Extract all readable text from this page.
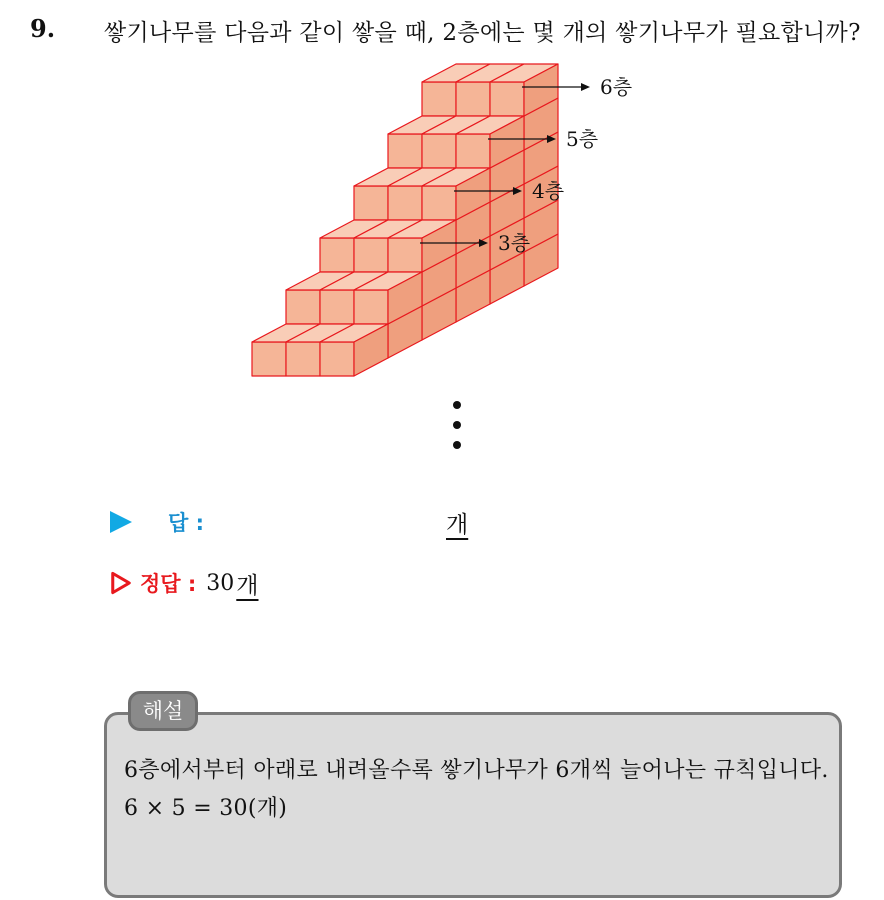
9. 쌓기나무를 다음과 같이 쌓을 때, 2층에는 몇 개의 쌓기나무가 필요합니까?
6층
5층
4층
3층
답 :	개
정답 : 30 개
해설
6층에서부터 아래로 내려올수록 쌓기나무가 6개씩 늘어나는 규칙입니다.
6 × 5 = 30(개)
